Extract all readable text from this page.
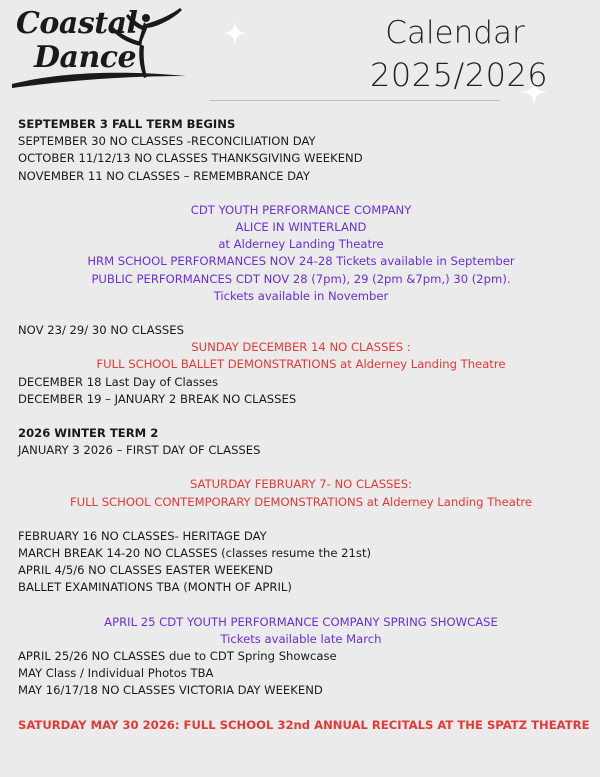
Coastal
Dance
Calendar
2025/2026
SEPTEMBER 3 FALL TERM BEGINS
SEPTEMBER 30 NO CLASSES -RECONCILIATION DAY
OCTOBER 11/12/13 NO CLASSES THANKSGIVING WEEKEND
NOVEMBER 11 NO CLASSES – REMEMBRANCE DAY
CDT YOUTH PERFORMANCE COMPANY
ALICE IN WINTERLAND
at Alderney Landing Theatre
HRM SCHOOL PERFORMANCES NOV 24-28 Tickets available in September
PUBLIC PERFORMANCES CDT NOV 28 (7pm), 29 (2pm &7pm,) 30 (2pm).
Tickets available in November
NOV 23/ 29/ 30 NO CLASSES
SUNDAY DECEMBER 14 NO CLASSES :
FULL SCHOOL BALLET DEMONSTRATIONS at Alderney Landing Theatre
DECEMBER 18 Last Day of Classes
DECEMBER 19 – JANUARY 2 BREAK NO CLASSES
2026 WINTER TERM 2
JANUARY 3 2026 – FIRST DAY OF CLASSES
SATURDAY FEBRUARY 7- NO CLASSES:
FULL SCHOOL CONTEMPORARY DEMONSTRATIONS at Alderney Landing Theatre
FEBRUARY 16 NO CLASSES- HERITAGE DAY
MARCH BREAK 14-20 NO CLASSES (classes resume the 21st)
APRIL 4/5/6 NO CLASSES EASTER WEEKEND
BALLET EXAMINATIONS TBA (MONTH OF APRIL)
APRIL 25 CDT YOUTH PERFORMANCE COMPANY SPRING SHOWCASE
Tickets available late March
APRIL 25/26 NO CLASSES due to CDT Spring Showcase
MAY Class / Individual Photos TBA
MAY 16/17/18 NO CLASSES VICTORIA DAY WEEKEND
SATURDAY MAY 30 2026: FULL SCHOOL 32nd ANNUAL RECITALS AT THE SPATZ THEATRE
